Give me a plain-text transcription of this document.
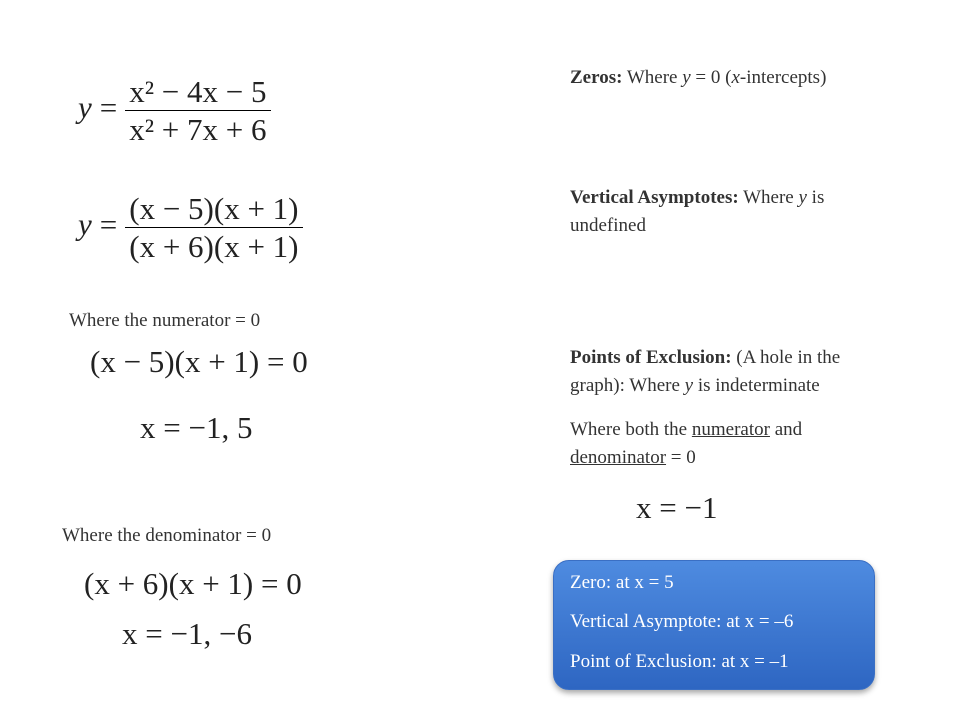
$y = \frac{\text{x² − 4x − 5}}{\text{x² + 7x + 6}}$
$y = \frac{(x - 5)(x + 1)}{(x + 6)(x + 1)}$
Where the numerator = 0
(x − 5)(x + 1) = 0
x = −1, 5
Where the denominator = 0
(x + 6)(x + 1) = 0
x = −1, −6
Zeros: Where y = 0 (x-intercepts)
Vertical Asymptotes: Where y is undefined
Points of Exclusion: (A hole in the graph): Where y is indeterminate
Where both the numerator and denominator = 0
x = −1
Zero: at x = 5
Vertical Asymptote: at x = –6
Point of Exclusion: at x = –1
